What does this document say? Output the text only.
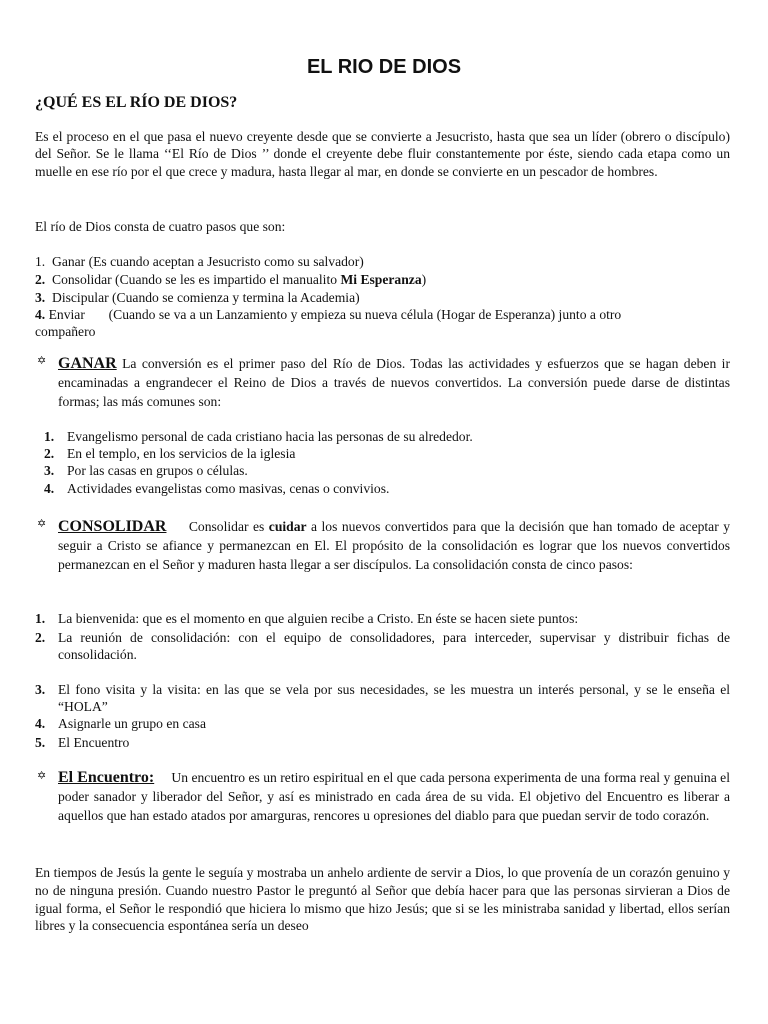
EL RIO DE DIOS
¿QUÉ ES EL RÍO DE DIOS?

Es el proceso en el que pasa el nuevo creyente desde que se convierte a Jesucristo, hasta que sea un líder (obrero o discípulo) del Señor. Se le llama ‘‘El Río de Dios ’’ donde el creyente debe fluir constantemente por éste, siendo cada etapa como un muelle en ese río por el que crece y madura, hasta llegar al mar, en donde se convierte en un pescador de hombres.

El río de Dios consta de cuatro pasos que son:
1. Ganar (Es cuando aceptan a Jesucristo como su salvador)
2. Consolidar (Cuando se les es impartido el manualito Mi Esperanza)
3. Discipular (Cuando se comienza y termina la Academia)
4. Enviar       (Cuando se va a un Lanzamiento y empieza su nueva célula (Hogar de Esperanza) junto a otro
compañero
✡ GANAR La conversión es el primer paso del Río de Dios. Todas las actividades y esfuerzos que se hagan deben ir encaminadas a engrandecer el Reino de Dios a través de nuevos convertidos. La conversión puede darse de distintas formas; las más comunes son:

1. Evangelismo personal de cada cristiano hacia las personas de su alrededor.
2. En el templo, en los servicios de la iglesia
3. Por las casas en grupos o células.
4. Actividades evangelistas como masivas, cenas o convivios.
✡ CONSOLIDAR Consolidar es cuidar a los nuevos convertidos para que la decisión que han tomado de aceptar y seguir a Cristo se afiance y permanezcan en El. El propósito de la consolidación es lograr que los nuevos convertidos permanezcan en el Señor y maduren hasta llegar a ser discípulos. La consolidación consta de cinco pasos:

1. La bienvenida: que es el momento en que alguien recibe a Cristo. En éste se hacen siete puntos:
2. La reunión de consolidación: con el equipo de consolidadores, para interceder, supervisar y distribuir fichas de consolidación.
3. El fono visita y la visita: en las que se vela por sus necesidades, se les muestra un interés personal, y se le enseña el “HOLA”
4. Asignarle un grupo en casa
5. El Encuentro
✡ El Encuentro: Un encuentro es un retiro espiritual en el que cada persona experimenta de una forma real y genuina el poder sanador y liberador del Señor, y así es ministrado en cada área de su vida. El objetivo del Encuentro es liberar a aquellos que han estado atados por amarguras, rencores u opresiones del diablo para que puedan servir de todo corazón.

En tiempos de Jesús la gente le seguía y mostraba un anhelo ardiente de servir a Dios, lo que provenía de un corazón genuino y no de ninguna presión. Cuando nuestro Pastor le preguntó al Señor que debía hacer para que las personas sirvieran a Dios de igual forma, el Señor le respondió que hiciera lo mismo que hizo Jesús; que si se les ministraba sanidad y libertad, ellos serían libres y la consecuencia espontánea sería un deseo
